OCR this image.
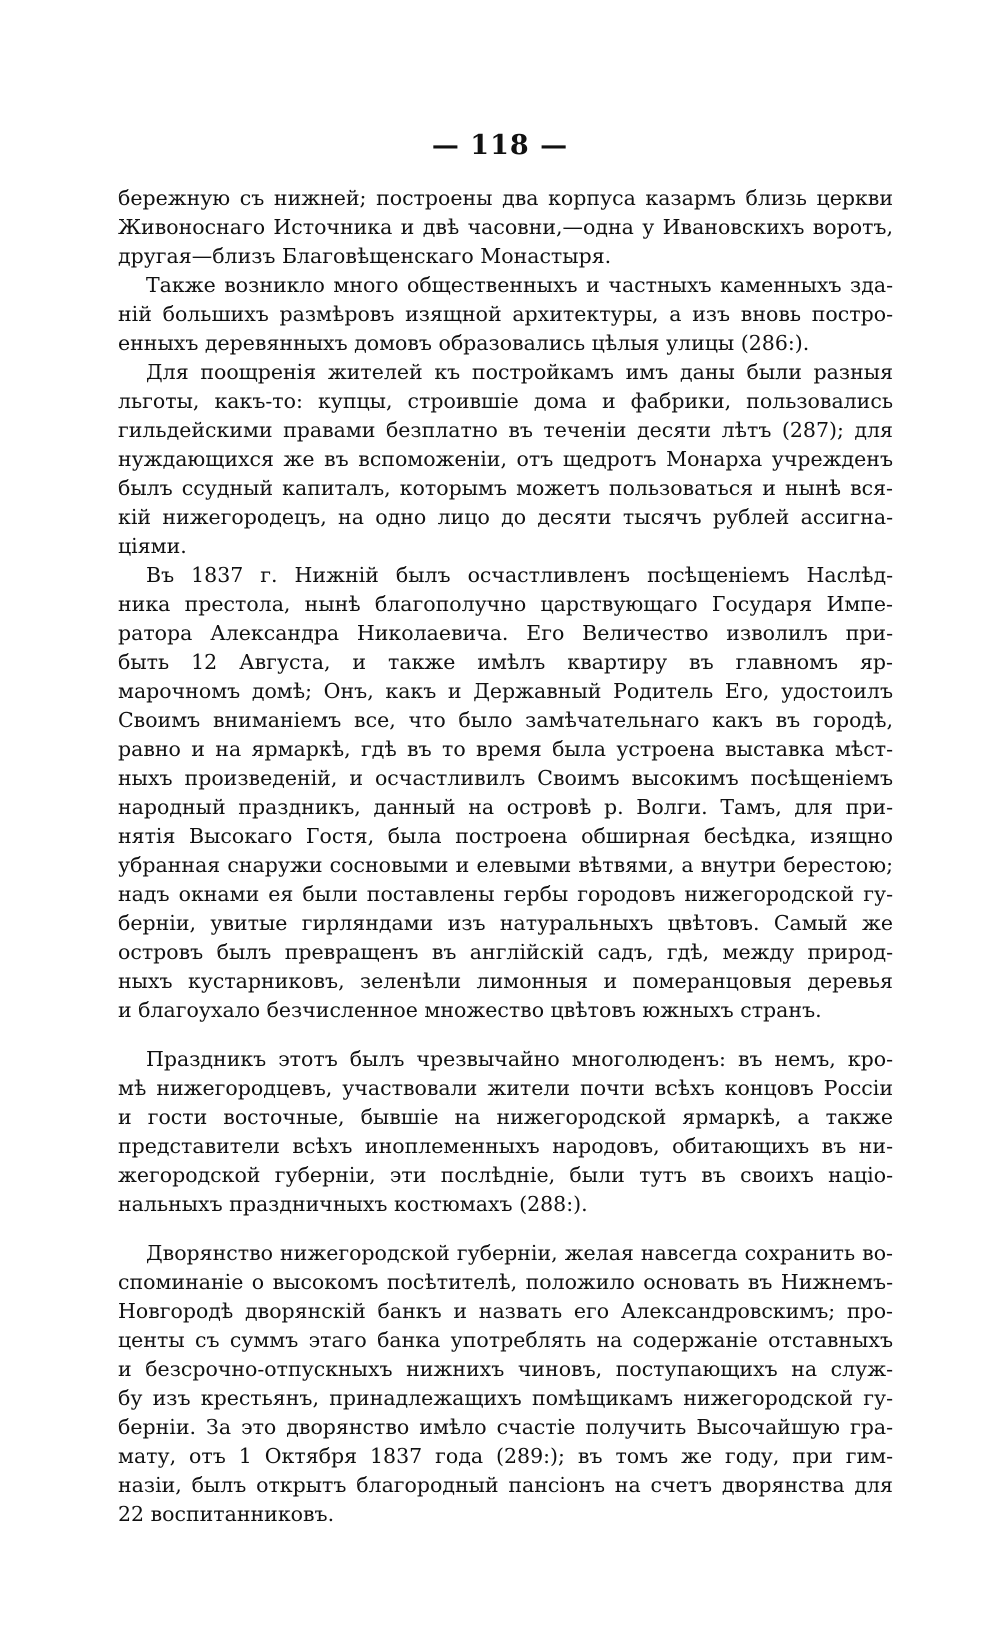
— 118 —
бережную съ нижней; построены два корпуса казармъ близь церкви
Живоноснаго Источника и двѣ часовни,—одна у Ивановскихъ воротъ,
другая—близъ Благовѣщенскаго Монастыря.
Также возникло много общественныхъ и частныхъ каменныхъ зда-
ній большихъ размѣровъ изящной архитектуры, а изъ вновь постро-
енныхъ деревянныхъ домовъ образовались цѣлыя улицы (286:).
Для поощренія жителей къ постройкамъ имъ даны были разныя
льготы, какъ-то: купцы, строившіе дома и фабрики, пользовались
гильдейскими правами безплатно въ теченіи десяти лѣтъ (287); для
нуждающихся же въ вспоможеніи, отъ щедротъ Монарха учрежденъ
былъ ссудный капиталъ, которымъ можетъ пользоваться и нынѣ вся-
кій нижегородецъ, на одно лицо до десяти тысячъ рублей ассигна-
ціями.
Въ 1837 г. Нижній былъ осчастливленъ посѣщеніемъ Наслѣд-
ника престола, нынѣ благополучно царствующаго Государя Импе-
ратора Александра Николаевича. Его Величество изволилъ при-
быть 12 Августа, и также имѣлъ квартиру въ главномъ яр-
марочномъ домѣ; Онъ, какъ и Державный Родитель Его, удостоилъ
Своимъ вниманіемъ все, что было замѣчательнаго какъ въ городѣ,
равно и на ярмаркѣ, гдѣ въ то время была устроена выставка мѣст-
ныхъ произведеній, и осчастливилъ Своимъ высокимъ посѣщеніемъ
народный праздникъ, данный на островѣ р. Волги. Тамъ, для при-
нятія Высокаго Гостя, была построена обширная бесѣдка, изящно
убранная снаружи сосновыми и елевыми вѣтвями, а внутри берестою;
надъ окнами ея были поставлены гербы городовъ нижегородской гу-
берніи, увитые гирляндами изъ натуральныхъ цвѣтовъ. Самый же
островъ былъ превращенъ въ англійскій садъ, гдѣ, между природ-
ныхъ кустарниковъ, зеленѣли лимонныя и померанцовыя деревья
и благоухало безчисленное множество цвѣтовъ южныхъ странъ.
Праздникъ этотъ былъ чрезвычайно многолюденъ: въ немъ, кро-
мѣ нижегородцевъ, участвовали жители почти всѣхъ концовъ Россіи
и гости восточные, бывшіе на нижегородской ярмаркѣ, а также
представители всѣхъ иноплеменныхъ народовъ, обитающихъ въ ни-
жегородской губерніи, эти послѣдніе, были тутъ въ своихъ націо-
нальныхъ праздничныхъ костюмахъ (288:).
Дворянство нижегородской губерніи, желая навсегда сохранить во-
споминаніе о высокомъ посѣтителѣ, положило основать въ Нижнемъ-
Новгородѣ дворянскій банкъ и назвать его Александровскимъ; про-
центы съ суммъ этаго банка употреблять на содержаніе отставныхъ
и безсрочно-отпускныхъ нижнихъ чиновъ, поступающихъ на служ-
бу изъ крестьянъ, принадлежащихъ помѣщикамъ нижегородской гу-
берніи. За это дворянство имѣло счастіе получить Высочайшую гра-
мату, отъ 1 Октября 1837 года (289:); въ томъ же году, при гим-
назіи, былъ открытъ благородный пансіонъ на счетъ дворянства для
22 воспитанниковъ.
